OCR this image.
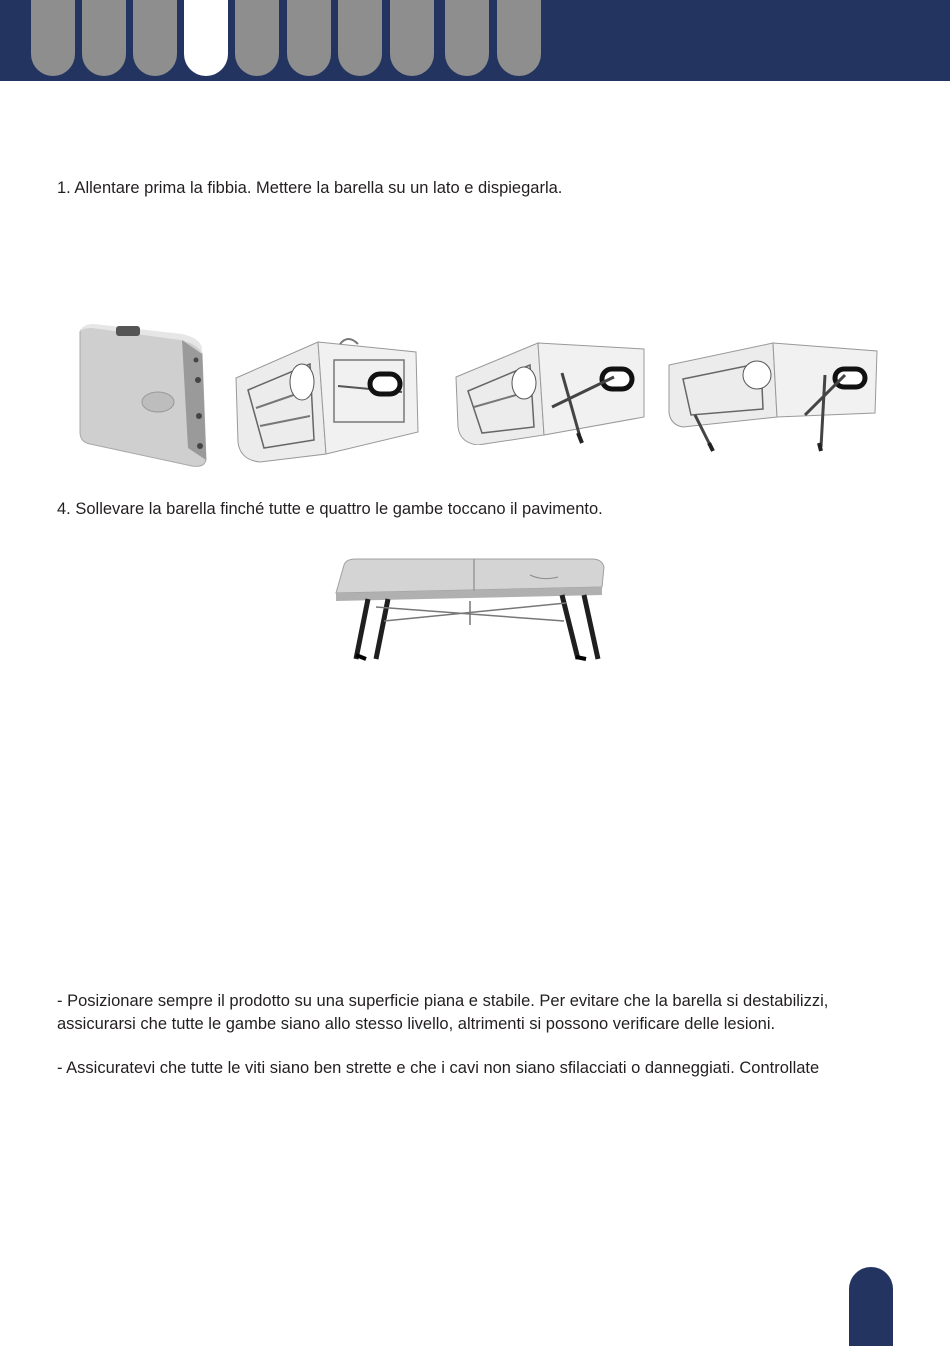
1. Allentare prima la fibbia. Mettere la barella su un lato e dispiegarla.

4. Sollevare la barella finché tutte e quattro le gambe toccano il pavimento.

- Posizionare sempre il prodotto su una superficie piana e stabile. Per evitare che la barella si destabilizzi,

assicurarsi che tutte le gambe siano allo stesso livello, altrimenti si possono verificare delle lesioni.

- Assicuratevi che tutte le viti siano ben strette e che i cavi non siano sfilacciati o danneggiati. Controllate
